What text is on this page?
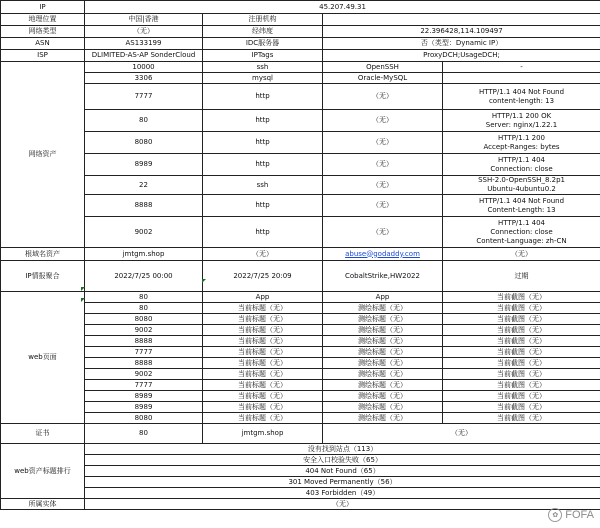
IP	45.207.49.31				
地理位置	中国|香港	注册机构			
网络类型	（无）	经纬度	22.396428,114.109497		
ASN	AS133199	IDC服务器	否（类型：Dynamic IP）		
ISP	DLIMITED-AS-AP SonderCloud	IPTags	ProxyDCH;UsageDCH;		
网络资产	10000	ssh	OpenSSH	-	
	3306	mysql	Oracle-MySQL		
	7777	http	（无）	HTTP/1.1 404 Not Found
content-length: 13	
	80	http	（无）	HTTP/1.1 200 OK
Server: nginx/1.22.1	
	8080	http	（无）	HTTP/1.1 200
Accept-Ranges: bytes	
	8989	http	（无）	HTTP/1.1 404
Connection: close	
	22	ssh	（无）	SSH-2.0-OpenSSH_8.2p1
Ubuntu-4ubuntu0.2	
	8888	http	（无）	HTTP/1.1 404 Not Found
Content-Length: 13	
	9002	http	（无）	HTTP/1.1 404
Connection: close
Content-Language: zh-CN	
根域名资产	jmtgm.shop	（无）	abuse@godaddy.com	（无）	
IP情报聚合	2022/7/25 00:00	2022/7/25 20:09	CobaltStrike,HW2022	过期	
web页面	80	App	App	当前截图（无）	
	80	当前标题（无）	测绘标题（无）	当前截图（无）	
	8080	当前标题（无）	测绘标题（无）	当前截图（无）	
	9002	当前标题（无）	测绘标题（无）	当前截图（无）	
	8888	当前标题（无）	测绘标题（无）	当前截图（无）	
	7777	当前标题（无）	测绘标题（无）	当前截图（无）	
	8888	当前标题（无）	测绘标题（无）	当前截图（无）	
	9002	当前标题（无）	测绘标题（无）	当前截图（无）	
	7777	当前标题（无）	测绘标题（无）	当前截图（无）	
	8989	当前标题（无）	测绘标题（无）	当前截图（无）	
	8989	当前标题（无）	测绘标题（无）	当前截图（无）	
	8080	当前标题（无）	测绘标题（无）	当前截图（无）	
证书	80	jmtgm.shop	（无）		
web资产标题排行	没有找到站点（113）				
	安全入口校验失败（65）				
	404 Not Found（65）				
	301 Moved Permanently（56）				
	403 Forbidden（49）				
所属实体	（无）				
✿ FOFA
